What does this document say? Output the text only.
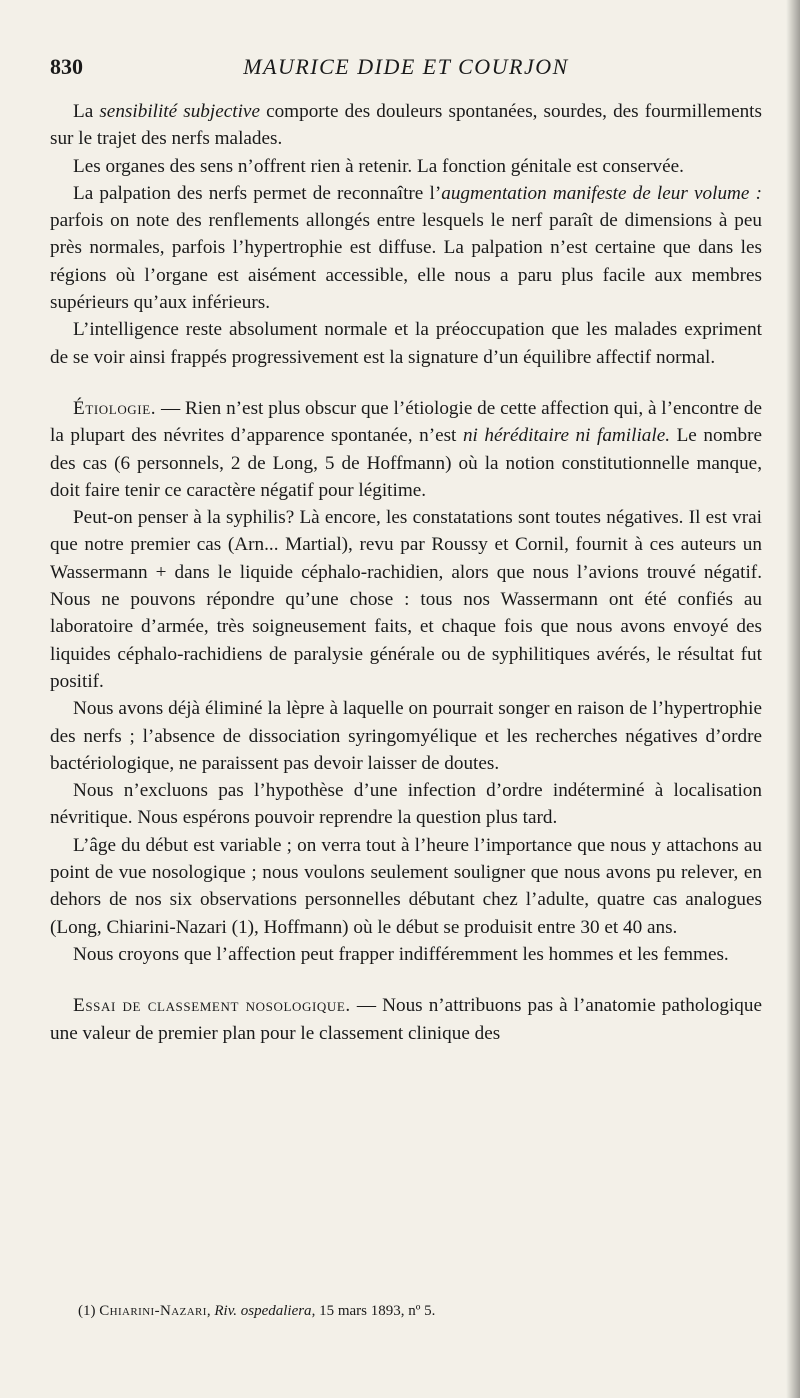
830	MAURICE DIDE ET COURJON

La sensibilité subjective comporte des douleurs spontanées, sourdes, des fourmillements sur le trajet des nerfs malades.

Les organes des sens n’offrent rien à retenir. La fonction génitale est conservée.

La palpation des nerfs permet de reconnaître l’augmentation manifeste de leur volume : parfois on note des renflements allongés entre lesquels le nerf paraît de dimensions à peu près normales, parfois l’hypertrophie est diffuse. La palpation n’est certaine que dans les régions où l’organe est aisément accessible, elle nous a paru plus facile aux membres supérieurs qu’aux inférieurs.

L’intelligence reste absolument normale et la préoccupation que les malades expriment de se voir ainsi frappés progressivement est la signature d’un équilibre affectif normal.

Étiologie. — Rien n’est plus obscur que l’étiologie de cette affection qui, à l’encontre de la plupart des névrites d’apparence spontanée, n’est ni héréditaire ni familiale. Le nombre des cas (6 personnels, 2 de Long, 5 de Hoffmann) où la notion constitutionnelle manque, doit faire tenir ce caractère négatif pour légitime.

Peut-on penser à la syphilis? Là encore, les constatations sont toutes négatives. Il est vrai que notre premier cas (Arn... Martial), revu par Roussy et Cornil, fournit à ces auteurs un Wassermann + dans le liquide céphalo-rachidien, alors que nous l’avions trouvé négatif. Nous ne pouvons répondre qu’une chose : tous nos Wassermann ont été confiés au laboratoire d’armée, très soigneusement faits, et chaque fois que nous avons envoyé des liquides céphalo-rachidiens de paralysie générale ou de syphilitiques avérés, le résultat fut positif.

Nous avons déjà éliminé la lèpre à laquelle on pourrait songer en raison de l’hypertrophie des nerfs ; l’absence de dissociation syringomyélique et les recherches négatives d’ordre bactériologique, ne paraissent pas devoir laisser de doutes.

Nous n’excluons pas l’hypothèse d’une infection d’ordre indéterminé à localisation névritique. Nous espérons pouvoir reprendre la question plus tard.

L’âge du début est variable ; on verra tout à l’heure l’importance que nous y attachons au point de vue nosologique ; nous voulons seulement souligner que nous avons pu relever, en dehors de nos six observations personnelles débutant chez l’adulte, quatre cas analogues (Long, Chiarini-Nazari (1), Hoffmann) où le début se produisit entre 30 et 40 ans.

Nous croyons que l’affection peut frapper indifféremment les hommes et les femmes.

Essai de classement nosologique. — Nous n’attribuons pas à l’anatomie pathologique une valeur de premier plan pour le classement clinique des

(1) Chiarini-Nazari, Riv. ospedaliera, 15 mars 1893, nº 5.
